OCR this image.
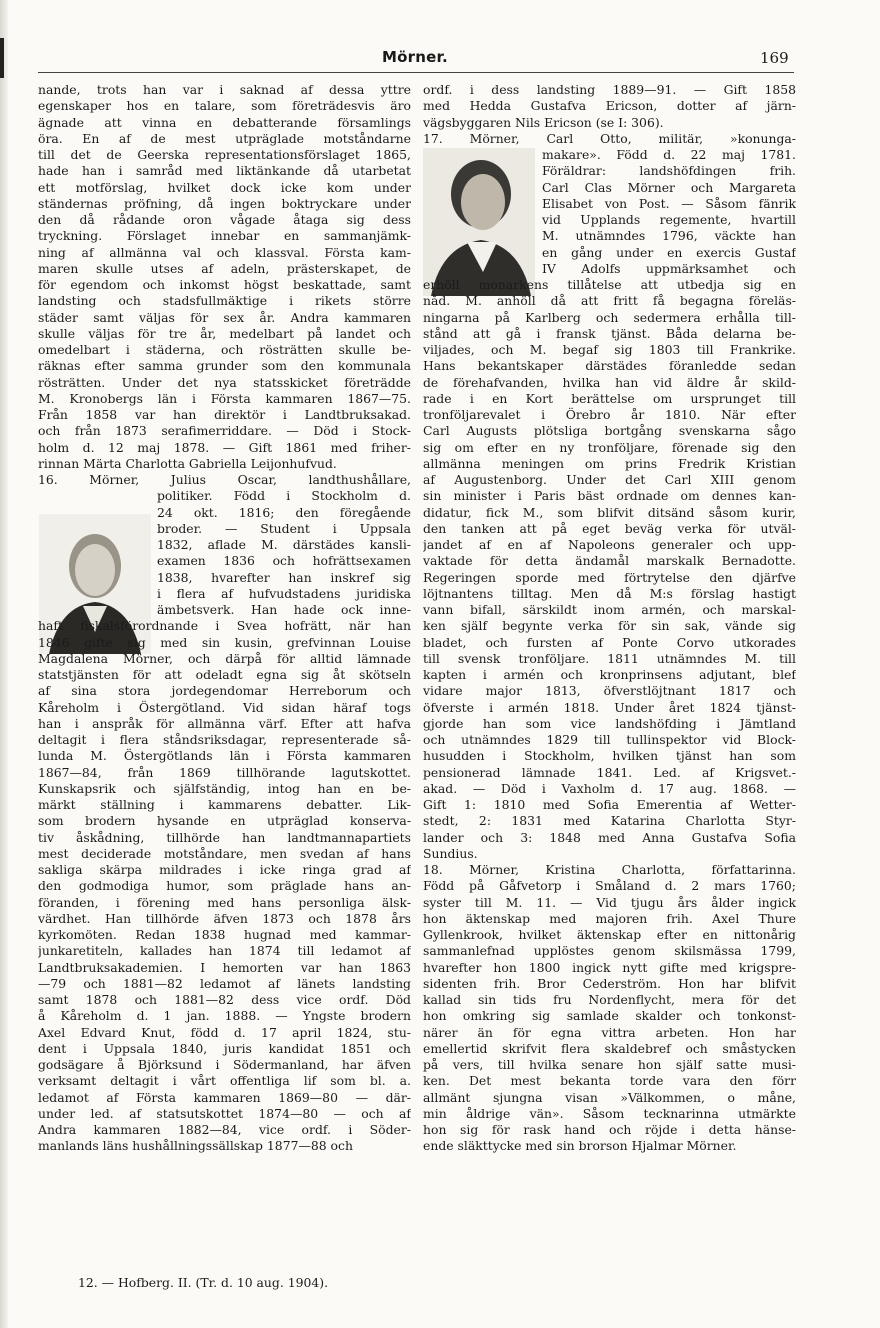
Mörner.	169
nande, trots han var i saknad af dessa yttre
egenskaper hos en talare, som företrädesvis äro
ägnade att vinna en debatterande församlings
öra. En af de mest utpräglade motståndarne
till det de Geerska representationsförslaget 1865,
hade han i samråd med liktänkande då utarbetat
ett motförslag, hvilket dock icke kom under
ständernas pröfning, då ingen boktryckare under
den då rådande oron vågade åtaga sig dess
tryckning. Förslaget innebar en sammanjämk-
ning af allmänna val och klassval. Första kam-
maren skulle utses af adeln, prästerskapet, de
för egendom och inkomst högst beskattade, samt
landsting och stadsfullmäktige i rikets större
städer samt väljas för sex år. Andra kammaren
skulle väljas för tre år, medelbart på landet och
omedelbart i städerna, och rösträtten skulle be-
räknas efter samma grunder som den kommunala
rösträtten. Under det nya statsskicket företrädde
M. Kronobergs län i Första kammaren 1867—75.
Från 1858 var han direktör i Landtbruksakad.
och från 1873 serafimerriddare. — Död i Stock-
holm d. 12 maj 1878. — Gift 1861 med friher-
rinnan Märta Charlotta Gabriella Leijonhufvud.
16. Mörner, Julius Oscar, landthushållare,
politiker. Född i Stockholm d.
24 okt. 1816; den föregående
broder. — Student i Uppsala
1832, aflade M. därstädes kansli-
examen 1836 och hofrättsexamen
1838, hvarefter han inskref sig
i flera af hufvudstadens juridiska
ämbetsverk. Han hade ock inne-
haft fiskalsförordnande i Svea hofrätt, när han
1846 gifte sig med sin kusin, grefvinnan Louise
Magdalena Mörner, och därpå för alltid lämnade
statstjänsten för att odeladt egna sig åt skötseln
af sina stora jordegendomar Herreborum och
Kåreholm i Östergötland. Vid sidan häraf togs
han i anspråk för allmänna värf. Efter att hafva
deltagit i flera ståndsriksdagar, representerade så-
lunda M. Östergötlands län i Första kammaren
1867—84, från 1869 tillhörande lagutskottet.
Kunskapsrik och själfständig, intog han en be-
märkt ställning i kammarens debatter. Lik-
som brodern hysande en utpräglad konserva-
tiv åskådning, tillhörde han landtmannapartiets
mest deciderade motståndare, men svedan af hans
sakliga skärpa mildrades i icke ringa grad af
den godmodiga humor, som präglade hans an-
föranden, i förening med hans personliga älsk-
värdhet. Han tillhörde äfven 1873 och 1878 års
kyrkomöten. Redan 1838 hugnad med kammar-
junkaretiteln, kallades han 1874 till ledamot af
Landtbruksakademien. I hemorten var han 1863
—79 och 1881—82 ledamot af länets landsting
samt 1878 och 1881—82 dess vice ordf. Död
å Kåreholm d. 1 jan. 1888. — Yngste brodern
Axel Edvard Knut, född d. 17 april 1824, stu-
dent i Uppsala 1840, juris kandidat 1851 och
godsägare å Björksund i Södermanland, har äfven
verksamt deltagit i vårt offentliga lif som bl. a.
ledamot af Första kammaren 1869—80 — där-
under led. af statsutskottet 1874—80 — och af
Andra kammaren 1882—84, vice ordf. i Söder-
manlands läns hushållningssällskap 1877—88 och
ordf. i dess landsting 1889—91. — Gift 1858
med Hedda Gustafva Ericson, dotter af järn-
vägsbyggaren Nils Ericson (se I: 306).
17. Mörner, Carl Otto, militär, »konunga-
makare». Född d. 22 maj 1781.
Föräldrar: landshöfdingen frih.
Carl Clas Mörner och Margareta
Elisabet von Post. — Såsom fänrik
vid Upplands regemente, hvartill
M. utnämndes 1796, väckte han
en gång under en exercis Gustaf
IV Adolfs uppmärksamhet och
erhöll monarkens tillåtelse att utbedja sig en
nåd. M. anhöll då att fritt få begagna föreläs-
ningarna på Karlberg och sedermera erhålla till-
stånd att gå i fransk tjänst. Båda delarna be-
viljades, och M. begaf sig 1803 till Frankrike.
Hans bekantskaper därstädes föranledde sedan
de förehafvanden, hvilka han vid äldre år skild-
rade i en Kort berättelse om ursprunget till
tronföljarevalet i Örebro år 1810. När efter
Carl Augusts plötsliga bortgång svenskarna sågo
sig om efter en ny tronföljare, förenade sig den
allmänna meningen om prins Fredrik Kristian
af Augustenborg. Under det Carl XIII genom
sin minister i Paris bäst ordnade om dennes kan-
didatur, fick M., som blifvit ditsänd såsom kurir,
den tanken att på eget beväg verka för utväl-
jandet af en af Napoleons generaler och upp-
vaktade för detta ändamål marskalk Bernadotte.
Regeringen sporde med förtrytelse den djärfve
löjtnantens tilltag. Men då M:s förslag hastigt
vann bifall, särskildt inom armén, och marskal-
ken själf begynte verka för sin sak, vände sig
bladet, och fursten af Ponte Corvo utkorades
till svensk tronföljare. 1811 utnämndes M. till
kapten i armén och kronprinsens adjutant, blef
vidare major 1813, öfverstlöjtnant 1817 och
öfverste i armén 1818. Under året 1824 tjänst-
gjorde han som vice landshöfding i Jämtland
och utnämndes 1829 till tullinspektor vid Block-
husudden i Stockholm, hvilken tjänst han som
pensionerad lämnade 1841. Led. af Krigsvet.-
akad. — Död i Vaxholm d. 17 aug. 1868. —
Gift 1: 1810 med Sofia Emerentia af Wetter-
stedt, 2: 1831 med Katarina Charlotta Styr-
lander och 3: 1848 med Anna Gustafva Sofia
Sundius.
18. Mörner, Kristina Charlotta, författarinna.
Född på Gåfvetorp i Småland d. 2 mars 1760;
syster till M. 11. — Vid tjugu års ålder ingick
hon äktenskap med majoren frih. Axel Thure
Gyllenkrook, hvilket äktenskap efter en nittonårig
sammanlefnad upplöstes genom skilsmässa 1799,
hvarefter hon 1800 ingick nytt gifte med krigspre-
sidenten frih. Bror Cederström. Hon har blifvit
kallad sin tids fru Nordenflycht, mera för det
hon omkring sig samlade skalder och tonkonst-
närer än för egna vittra arbeten. Hon har
emellertid skrifvit flera skaldebref och småstycken
på vers, till hvilka senare hon själf satte musi-
ken. Det mest bekanta torde vara den förr
allmänt sjungna visan »Välkommen, o måne,
min åldrige vän». Såsom tecknarinna utmärkte
hon sig för rask hand och röjde i detta hänse-
ende släkttycke med sin brorson Hjalmar Mörner.
12. — Hofberg. II. (Tr. d. 10 aug. 1904).
